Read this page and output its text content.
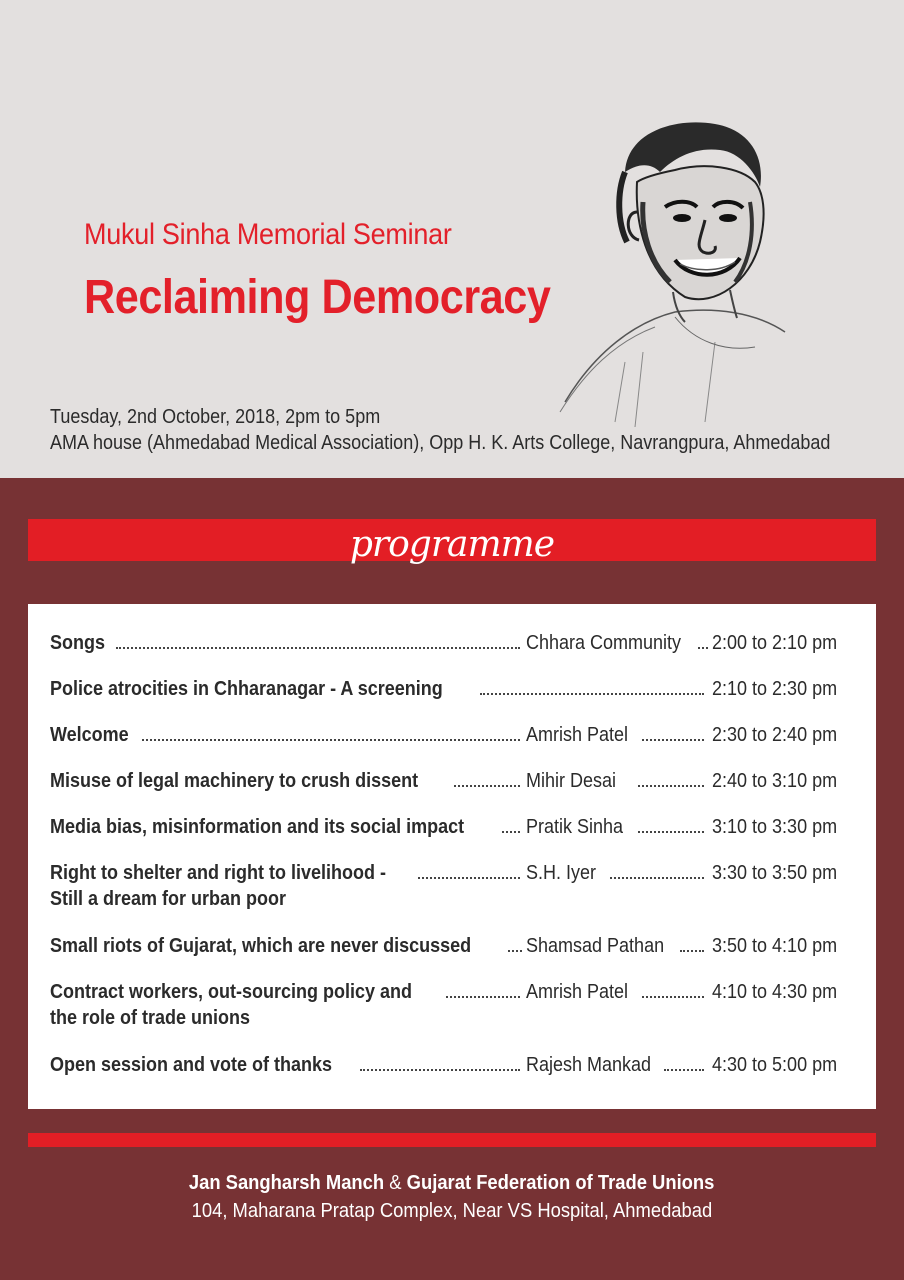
Mukul Sinha Memorial Seminar
Reclaiming Democracy
Tuesday, 2nd October, 2018, 2pm to 5pm
AMA house (Ahmedabad Medical Association), Opp H. K. Arts College, Navrangpura, Ahmedabad
programme
Songs	Chhara Community 2:00 to 2:10 pm
Police atrocities in Chharanagar - A screening	2:10 to 2:30 pm
Welcome	Amrish Patel	2:30 to 2:40 pm
Misuse of legal machinery to crush dissent	Mihir Desai	2:40 to 3:10 pm
Media bias, misinformation and its social impact	Pratik Sinha	3:10 to 3:30 pm
Right to shelter and right to livelihood -
Still a dream for urban poor
S.H. Iyer	3:30 to 3:50 pm
Small riots of Gujarat, which are never discussed	Shamsad Pathan 3:50 to 4:10 pm
Contract workers, out-sourcing policy and
the role of trade unions
Amrish Patel	4:10 to 4:30 pm
Open session and vote of thanks	Rajesh Mankad	4:30 to 5:00 pm
Jan Sangharsh Manch & Gujarat Federation of Trade Unions
104, Maharana Pratap Complex, Near VS Hospital, Ahmedabad
